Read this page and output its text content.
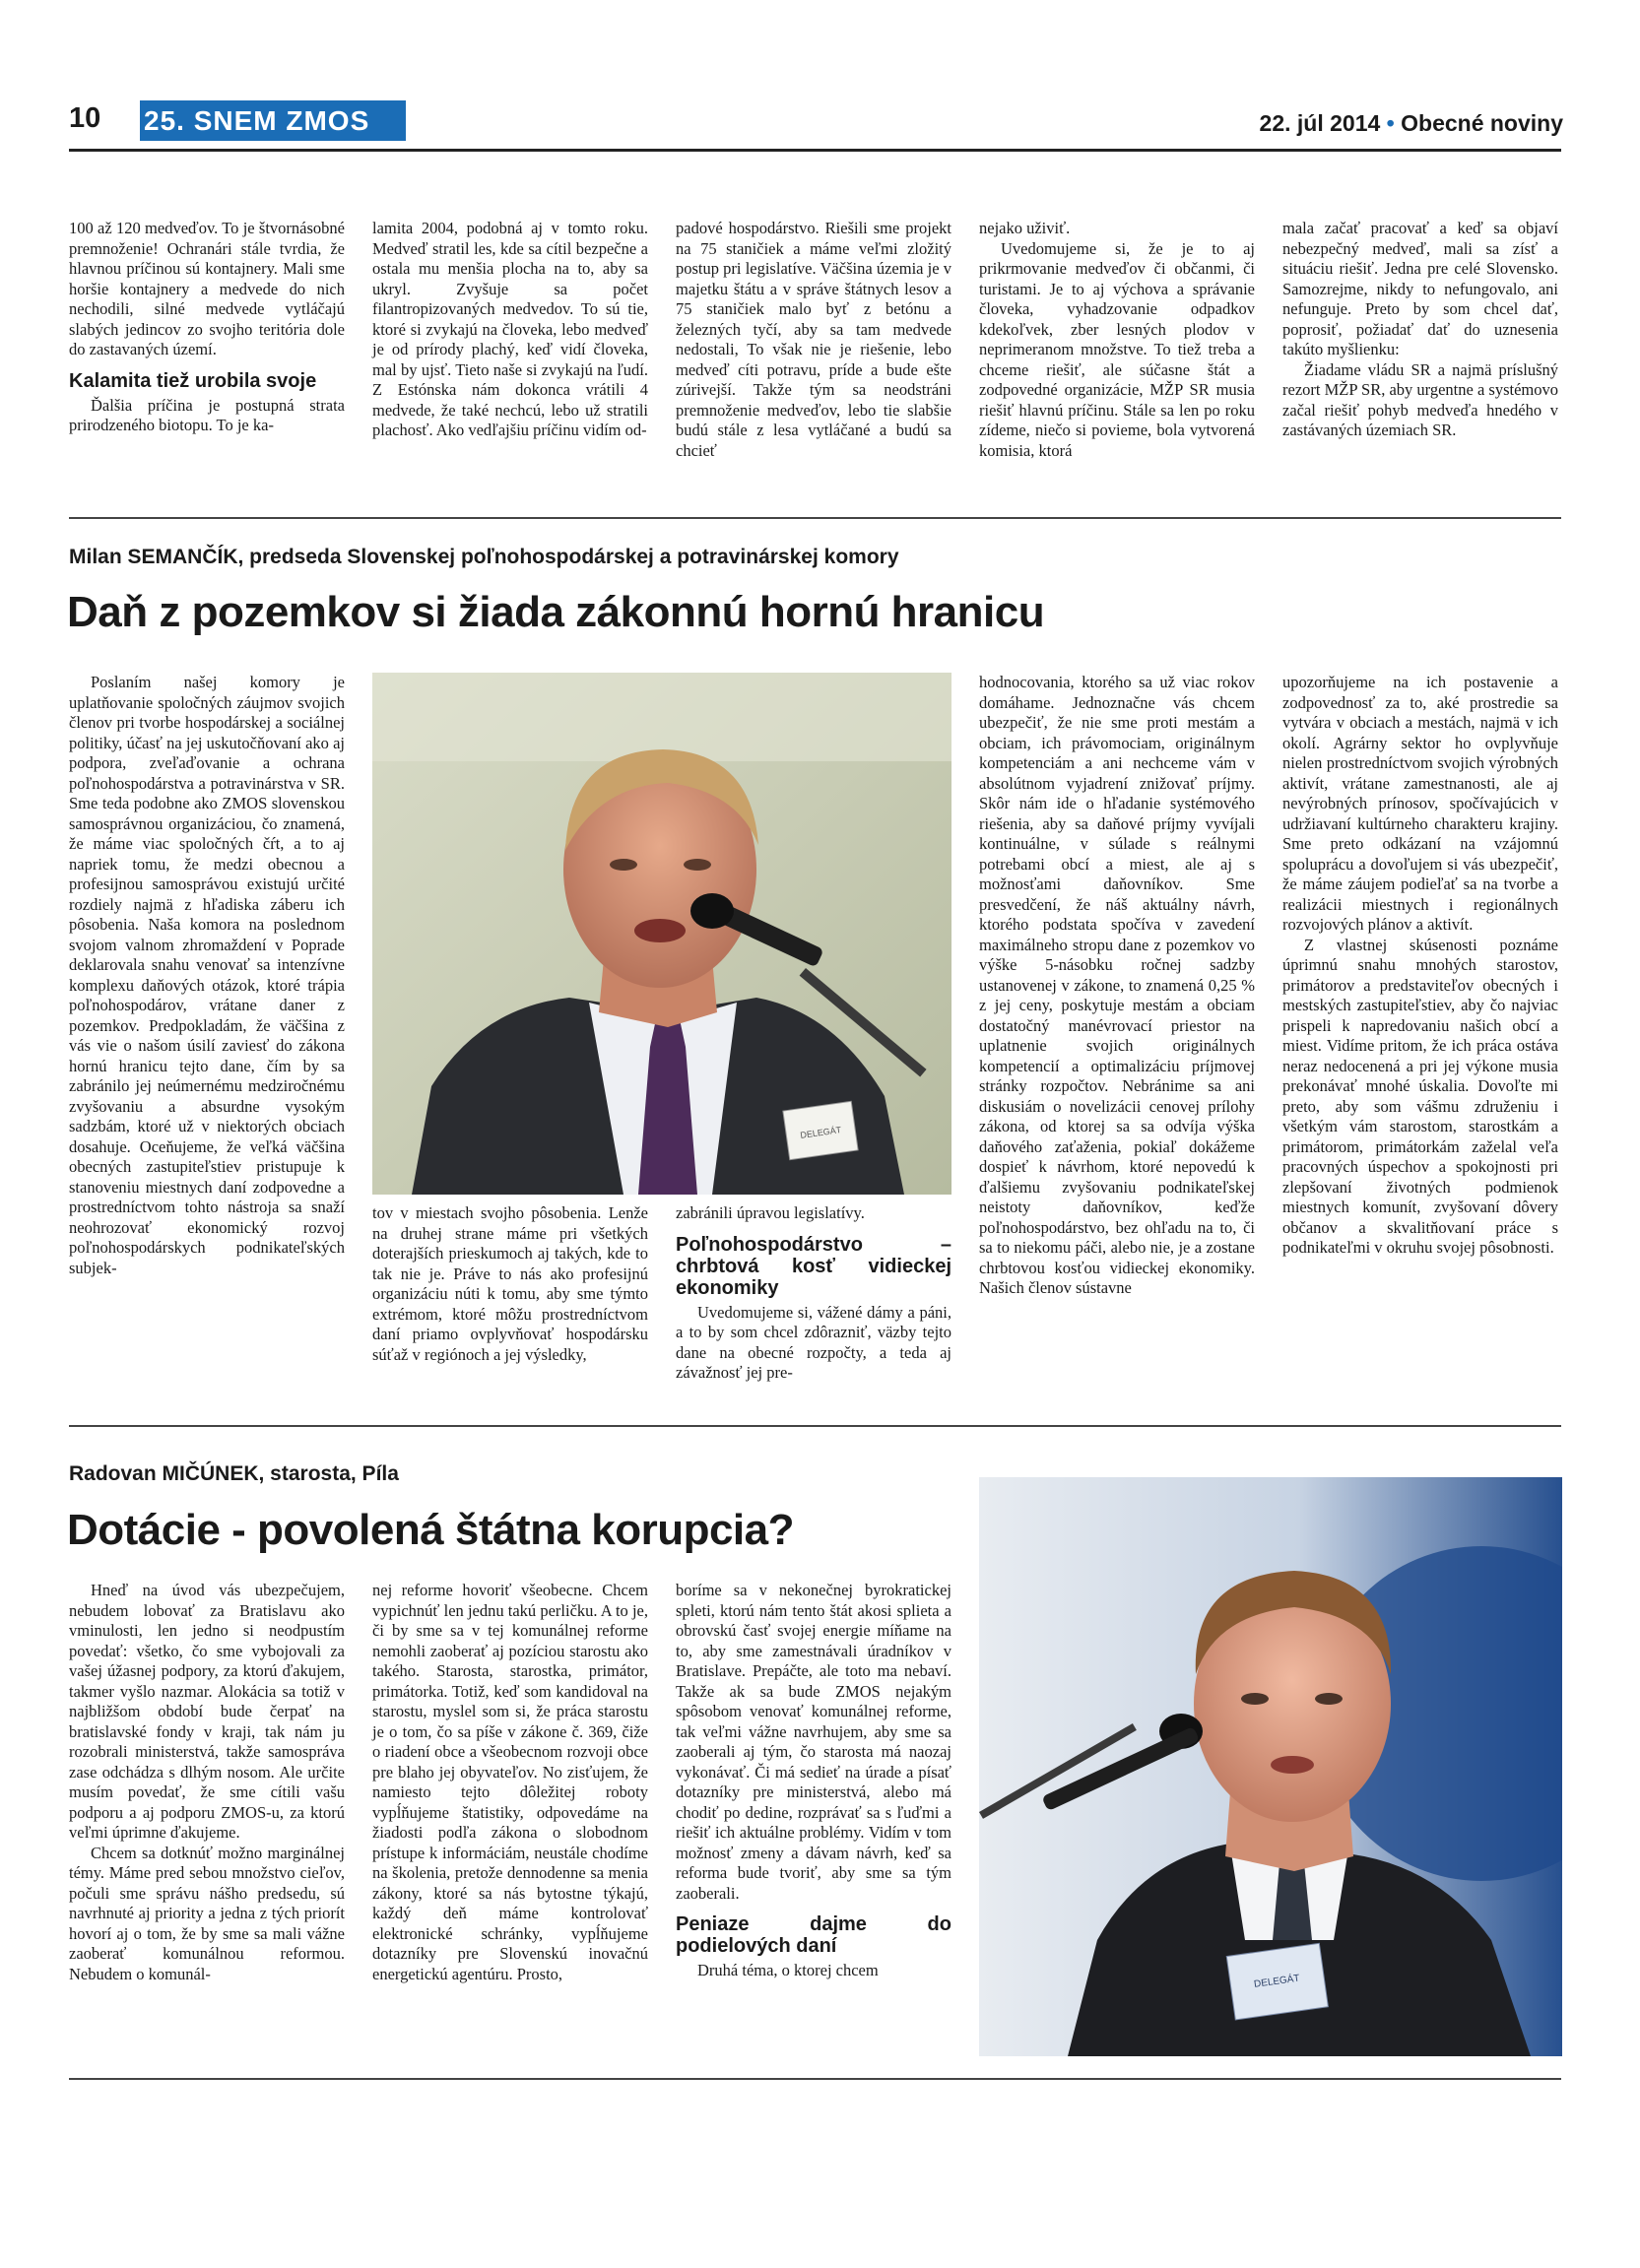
10 25. SNEM ZMOS	22. júl 2014 • Obecné noviny

100 až 120 medveďov. To je štvornásobné premnoženie! Ochranári stále tvrdia, že hlavnou príčinou sú kontajnery. Mali sme horšie kontajnery a medvede do nich nechodili, silné medvede vytláčajú slabých jedincov zo svojho teritória dole do zastavaných území.

Kalamita tiež urobila svoje

Ďalšia príčina je postupná strata prirodzeného biotopu. To je ka-

lamita 2004, podobná aj v tomto roku. Medveď stratil les, kde sa cítil bezpečne a ostala mu menšia plocha na to, aby sa ukryl. Zvyšuje sa počet filantropizovaných medvedov. To sú tie, ktoré si zvykajú na človeka, lebo medveď je od prírody plachý, keď vidí človeka, mal by ujsť. Tieto naše si zvykajú na ľudí. Z Estónska nám dokonca vrátili 4 medvede, že také nechcú, lebo už stratili plachosť. Ako vedľajšiu príčinu vidím od-

padové hospodárstvo. Riešili sme projekt na 75 staničiek a máme veľmi zložitý postup pri legislatíve. Väčšina územia je v majetku štátu a v správe štátnych lesov a 75 staničiek malo byť z betónu a železných tyčí, aby sa tam medvede nedostali, To však nie je riešenie, lebo medveď cíti potravu, príde a bude ešte zúrivejší. Takže tým sa neodstráni premnoženie medveďov, lebo tie slabšie budú stále z lesa vytláčané a budú sa chcieť

nejako uživiť.

Uvedomujeme si, že je to aj prikrmovanie medveďov či občanmi, či turistami. Je to aj výchova a správanie človeka, vyhadzovanie odpadkov kdekoľvek, zber lesných plodov v neprimeranom množstve. To tiež treba a chceme riešiť, ale súčasne štát a zodpovedné organizácie, MŽP SR musia riešiť hlavnú príčinu. Stále sa len po roku zídeme, niečo si povieme, bola vytvorená komisia, ktorá

mala začať pracovať a keď sa objaví nebezpečný medveď, mali sa zísť a situáciu riešiť. Jedna pre celé Slovensko. Samozrejme, nikdy to nefungovalo, ani nefunguje. Preto by som chcel dať, poprosiť, požiadať dať do uznesenia takúto myšlienku:

Žiadame vládu SR a najmä príslušný rezort MŽP SR, aby urgentne a systémovo začal riešiť pohyb medveďa hnedého v zastávaných územiach SR.

Milan SEMANČÍK, predseda Slovenskej poľnohospodárskej a potravinárskej komory
Daň z pozemkov si žiada zákonnú hornú hranicu

Poslaním našej komory je uplatňovanie spoločných záujmov svojich členov pri tvorbe hospodárskej a sociálnej politiky, účasť na jej uskutočňovaní ako aj podpora, zveľaďovanie a ochrana poľnohospodárstva a potravinárstva v SR. Sme teda podobne ako ZMOS slovenskou samosprávnou organizáciou, čo znamená, že máme viac spoločných čŕt, a to aj napriek tomu, že medzi obecnou a profesijnou samosprávou existujú určité rozdiely najmä z hľadiska záberu ich pôsobenia. Naša komora na poslednom svojom valnom zhromaždení v Poprade deklarovala snahu venovať sa intenzívne komplexu daňových otázok, ktoré trápia poľnohospodárov, vrátane daner z pozemkov. Predpokladám, že väčšina z vás vie o našom úsilí zaviesť do zákona hornú hranicu tejto dane, čím by sa zabránilo jej neúmernému medziročnému zvyšovaniu a absurdne vysokým sadzbám, ktoré už v niektorých obciach dosahuje. Oceňujeme, že veľká väčšina obecných zastupiteľstiev pristupuje k stanoveniu miestnych daní zodpovedne a prostredníctvom tohto nástroja sa snaží neohrozovať ekonomický rozvoj poľnohospodárskych podnikateľských subjek-

DELEGÁT

tov v miestach svojho pôsobenia. Lenže na druhej strane máme pri všetkých doterajších prieskumoch aj takých, kde to tak nie je. Práve to nás ako profesijnú organizáciu núti k tomu, aby sme týmto extrémom, ktoré môžu prostredníctvom daní priamo ovplyvňovať hospodársku súťaž v regiónoch a jej výsledky,

zabránili úpravou legislatívy.

Poľnohospodárstvo – chrbtová kosť vidieckej ekonomiky

Uvedomujeme si, vážené dámy a páni, a to by som chcel zdôrazniť, väzby tejto dane na obecné rozpočty, a teda aj závažnosť jej pre-

hodnocovania, ktorého sa už viac rokov domáhame. Jednoznačne vás chcem ubezpečiť, že nie sme proti mestám a obciam, ich právomociam, originálnym kompetenciám a ani nechceme vám v absolútnom vyjadrení znižovať príjmy. Skôr nám ide o hľadanie systémového riešenia, aby sa daňové príjmy vyvíjali kontinuálne, v súlade s reálnymi potrebami obcí a miest, ale aj s možnosťami daňovníkov. Sme presvedčení, že náš aktuálny návrh, ktorého podstata spočíva v zavedení maximálneho stropu dane z pozemkov vo výške 5-násobku ročnej sadzby ustanovenej v zákone, to znamená 0,25 % z jej ceny, poskytuje mestám a obciam dostatočný manévrovací priestor na uplatnenie svojich originálnych kompetencií a optimalizáciu príjmovej stránky rozpočtov. Nebránime sa ani diskusiám o novelizácii cenovej prílohy zákona, od ktorej sa sa odvíja výška daňového zaťaženia, pokiaľ dokážeme dospieť k návrhom, ktoré nepovedú k ďalšiemu zvyšovaniu podnikateľskej neistoty daňovníkov, keďže poľnohospodárstvo, bez ohľadu na to, či sa to niekomu páči, alebo nie, je a zostane chrbtovou kosťou vidieckej ekonomiky. Našich členov sústavne

upozorňujeme na ich postavenie a zodpovednosť za to, aké prostredie sa vytvára v obciach a mestách, najmä v ich okolí. Agrárny sektor ho ovplyvňuje nielen prostredníctvom svojich výrobných aktivít, vrátane zamestnanosti, ale aj nevýrobných prínosov, spočívajúcich v udržiavaní kultúrneho charakteru krajiny. Sme preto odkázaní na vzájomnú spoluprácu a dovoľujem si vás ubezpečiť, že máme záujem podieľať sa na tvorbe a realizácii miestnych i regionálnych rozvojových plánov a aktivít.

Z vlastnej skúsenosti poznáme úprimnú snahu mnohých starostov, primátorov a predstaviteľov obecných i mestských zastupiteľstiev, aby čo najviac prispeli k napredovaniu našich obcí a miest. Vidíme pritom, že ich práca ostáva neraz nedocenená a pri jej výkone musia prekonávať mnohé úskalia. Dovoľte mi preto, aby som vášmu združeniu i všetkým vám starostom, starostkám a primátorom, primátorkám zaželal veľa pracovných úspechov a spokojnosti pri zlepšovaní životných podmienok miestnych komunít, zvyšovaní dôvery občanov a skvalitňovaní práce s podnikateľmi v okruhu svojej pôsobnosti.

Radovan MIČÚNEK, starosta, Píla
Dotácie - povolená štátna korupcia?

Hneď na úvod vás ubezpečujem, nebudem lobovať za Bratislavu ako vminulosti, len jedno si neodpustím povedať: všetko, čo sme vybojovali za vašej úžasnej podpory, za ktorú ďakujem, takmer vyšlo nazmar. Alokácia sa totiž v najbližšom období bude čerpať na bratislavské fondy v kraji, tak nám ju rozobrali ministerstvá, takže samospráva zase odchádza s dlhým nosom. Ale určite musím povedať, že sme cítili vašu podporu a aj podporu ZMOS-u, za ktorú veľmi úprimne ďakujeme.

Chcem sa dotknúť možno marginálnej témy. Máme pred sebou množstvo cieľov, počuli sme správu nášho predsedu, sú navrhnuté aj priority a jedna z tých priorít hovorí aj o tom, že by sme sa mali vážne zaoberať komunálnou reformou. Nebudem o komunál-

nej reforme hovoriť všeobecne. Chcem vypichnúť len jednu takú perličku. A to je, či by sme sa v tej komunálnej reforme nemohli zaoberať aj pozíciou starostu ako takého. Starosta, starostka, primátor, primátorka. Totiž, keď som kandidoval na starostu, myslel som si, že práca starostu je o tom, čo sa píše v zákone č. 369, čiže o riadení obce a všeobecnom rozvoji obce pre blaho jej obyvateľov. No zisťujem, že namiesto tejto dôležitej roboty vypĺňujeme štatistiky, odpovedáme na žiadosti podľa zákona o slobodnom prístupe k informáciám, neustále chodíme na školenia, pretože dennodenne sa menia zákony, ktoré sa nás bytostne týkajú, každý deň máme kontrolovať elektronické schránky, vypĺňujeme dotazníky pre Slovenskú inovačnú energetickú agentúru. Prosto,

boríme sa v nekonečnej byrokratickej spleti, ktorú nám tento štát akosi splieta a obrovskú časť svojej energie míňame na to, aby sme zamestnávali úradníkov v Bratislave. Prepáčte, ale toto ma nebaví. Takže ak sa bude ZMOS nejakým spôsobom venovať komunálnej reforme, tak veľmi vážne navrhujem, aby sme sa zaoberali aj tým, čo starosta má naozaj vykonávať. Či má sedieť na úrade a písať dotazníky pre ministerstvá, alebo má chodiť po dedine, rozprávať sa s ľuďmi a riešiť ich aktuálne problémy. Vidím v tom možnosť zmeny a dávam návrh, keď sa reforma bude tvoriť, aby sme sa tým zaoberali.

Peniaze dajme do podielových daní

Druhá téma, o ktorej chcem

DELEGÁT
